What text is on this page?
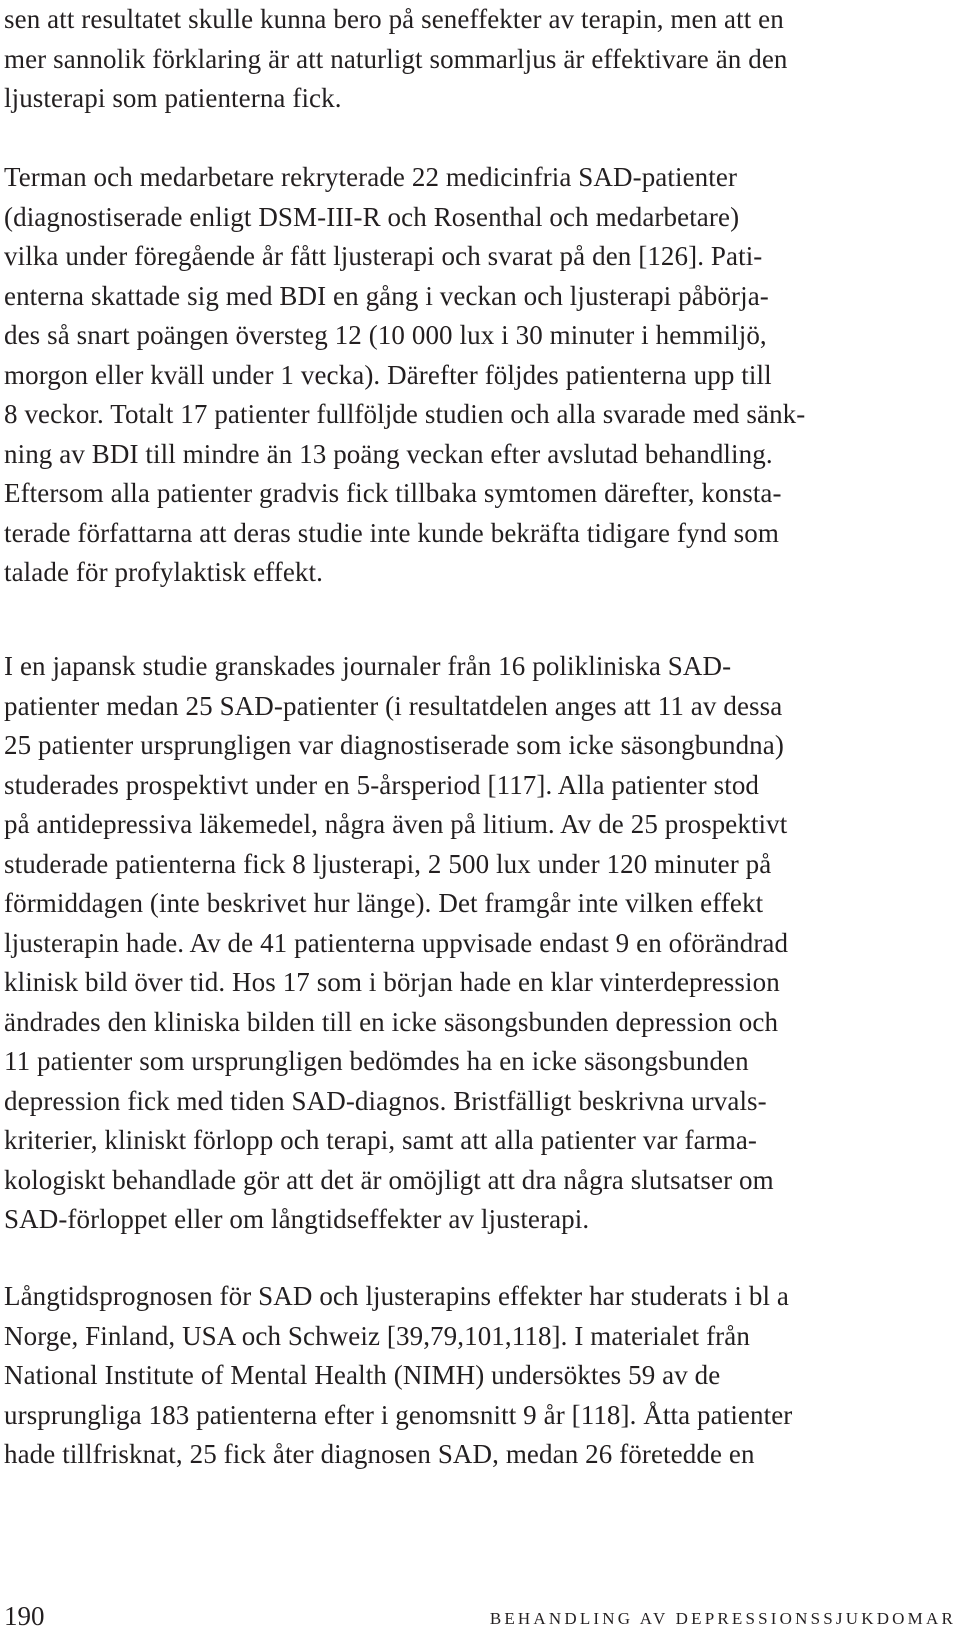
sen att resultatet skulle kunna bero på seneffekter av terapin, men att en
mer sannolik förklaring är att naturligt sommarljus är effektivare än den
ljusterapi som patienterna fick.

Terman och medarbetare rekryterade 22 medicinfria SAD-patienter
(diagnostiserade enligt DSM-III-R och Rosenthal och medarbetare)
vilka under föregående år fått ljusterapi och svarat på den [126]. Pati-
enterna skattade sig med BDI en gång i veckan och ljusterapi påbörja-
des så snart poängen översteg 12 (10 000 lux i 30 minuter i hemmiljö,
morgon eller kväll under 1 vecka). Därefter följdes patienterna upp till
8 veckor. Totalt 17 patienter fullföljde studien och alla svarade med sänk-
ning av BDI till mindre än 13 poäng veckan efter avslutad behandling.
Eftersom alla patienter gradvis fick tillbaka symtomen därefter, konsta-
terade författarna att deras studie inte kunde bekräfta tidigare fynd som
talade för profylaktisk effekt.

I en japansk studie granskades journaler från 16 polikliniska SAD-
patienter medan 25 SAD-patienter (i resultatdelen anges att 11 av dessa
25 patienter ursprungligen var diagnostiserade som icke säsongbundna)
studerades prospektivt under en 5-årsperiod [117]. Alla patienter stod
på antidepressiva läkemedel, några även på litium. Av de 25 prospektivt
studerade patienterna fick 8 ljusterapi, 2 500 lux under 120 minuter på
förmiddagen (inte beskrivet hur länge). Det framgår inte vilken effekt
ljusterapin hade. Av de 41 patienterna uppvisade endast 9 en oförändrad
klinisk bild över tid. Hos 17 som i början hade en klar vinterdepression
ändrades den kliniska bilden till en icke säsongsbunden depression och
11 patienter som ursprungligen bedömdes ha en icke säsongsbunden
depression fick med tiden SAD-diagnos. Bristfälligt beskrivna urvals-
kriterier, kliniskt förlopp och terapi, samt att alla patienter var farma-
kologiskt behandlade gör att det är omöjligt att dra några slutsatser om
SAD-förloppet eller om långtidseffekter av ljusterapi.

Långtidsprognosen för SAD och ljusterapins effekter har studerats i bl a
Norge, Finland, USA och Schweiz [39,79,101,118]. I materialet från
National Institute of Mental Health (NIMH) undersöktes 59 av de
ursprungliga 183 patienterna efter i genomsnitt 9 år [118]. Åtta patienter
hade tillfrisknat, 25 fick åter diagnosen SAD, medan 26 företedde en

190	BEHANDLING AV DEPRESSIONSSJUKDOMAR
